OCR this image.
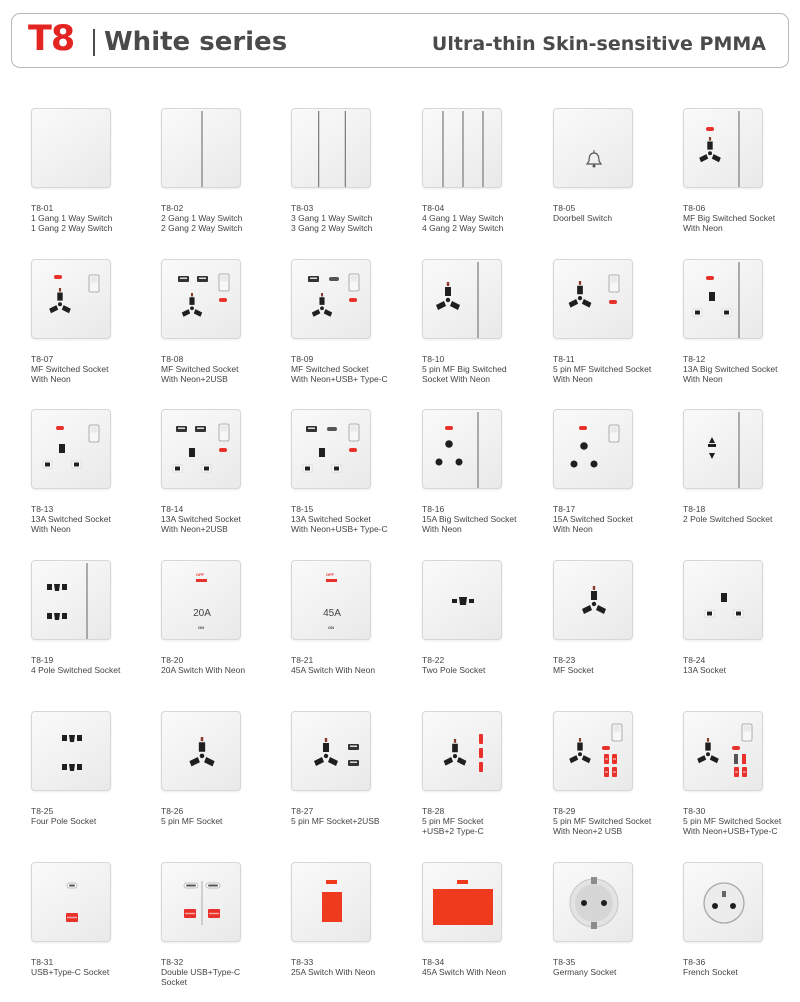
T8 White series	Ultra-thin Skin-sensitive PMMA
T8-01
1 Gang 1 Way Switch
1 Gang 2 Way Switch
T8-02
2 Gang 1 Way Switch
2 Gang 2 Way Switch
T8-03
3 Gang 1 Way Switch
3 Gang 2 Way Switch
T8-04
4 Gang 1 Way Switch
4 Gang 2 Way Switch
T8-05
Doorbell Switch
T8-06
MF Big Switched Socket
With Neon
T8-07
MF Switched Socket
With Neon
T8-08
MF Switched Socket
With Neon+2USB
T8-09
MF Switched Socket
With Neon+USB+ Type-C
T8-10
5 pin MF Big Switched
Socket With Neon
T8-11
5 pin MF Switched Socket
With Neon
T8-12
13A Big Switched Socket
With Neon
T8-13
13A Switched Socket
With Neon
T8-14
13A Switched Socket
With Neon+2USB
T8-15
13A Switched Socket
With Neon+USB+ Type-C
T8-16
15A Big Switched Socket
With Neon
T8-17
15A Switched Socket
With Neon
T8-18
2 Pole Switched Socket
T8-19
4 Pole Switched Socket
OFF
20A
ON
T8-20
20A Switch With Neon
OFF
45A
ON
T8-21
45A Switch With Neon
T8-22
Two Pole Socket
T8-23
MF Socket
T8-24
13A Socket
T8-25
Four Pole Socket
T8-26
5 pin MF Socket
T8-27
5 pin MF Socket+2USB
T8-28
5 pin MF Socket
+USB+2 Type-C
T8-29
5 pin MF Switched Socket
With Neon+2 USB
T8-30
5 pin MF Switched Socket
With Neon+USB+Type-C
T8-31
USB+Type-C Socket
T8-32
Double USB+Type-C
Socket
T8-33
25A Switch With Neon
T8-34
45A Switch With Neon
T8-35
Germany Socket
T8-36
French Socket
